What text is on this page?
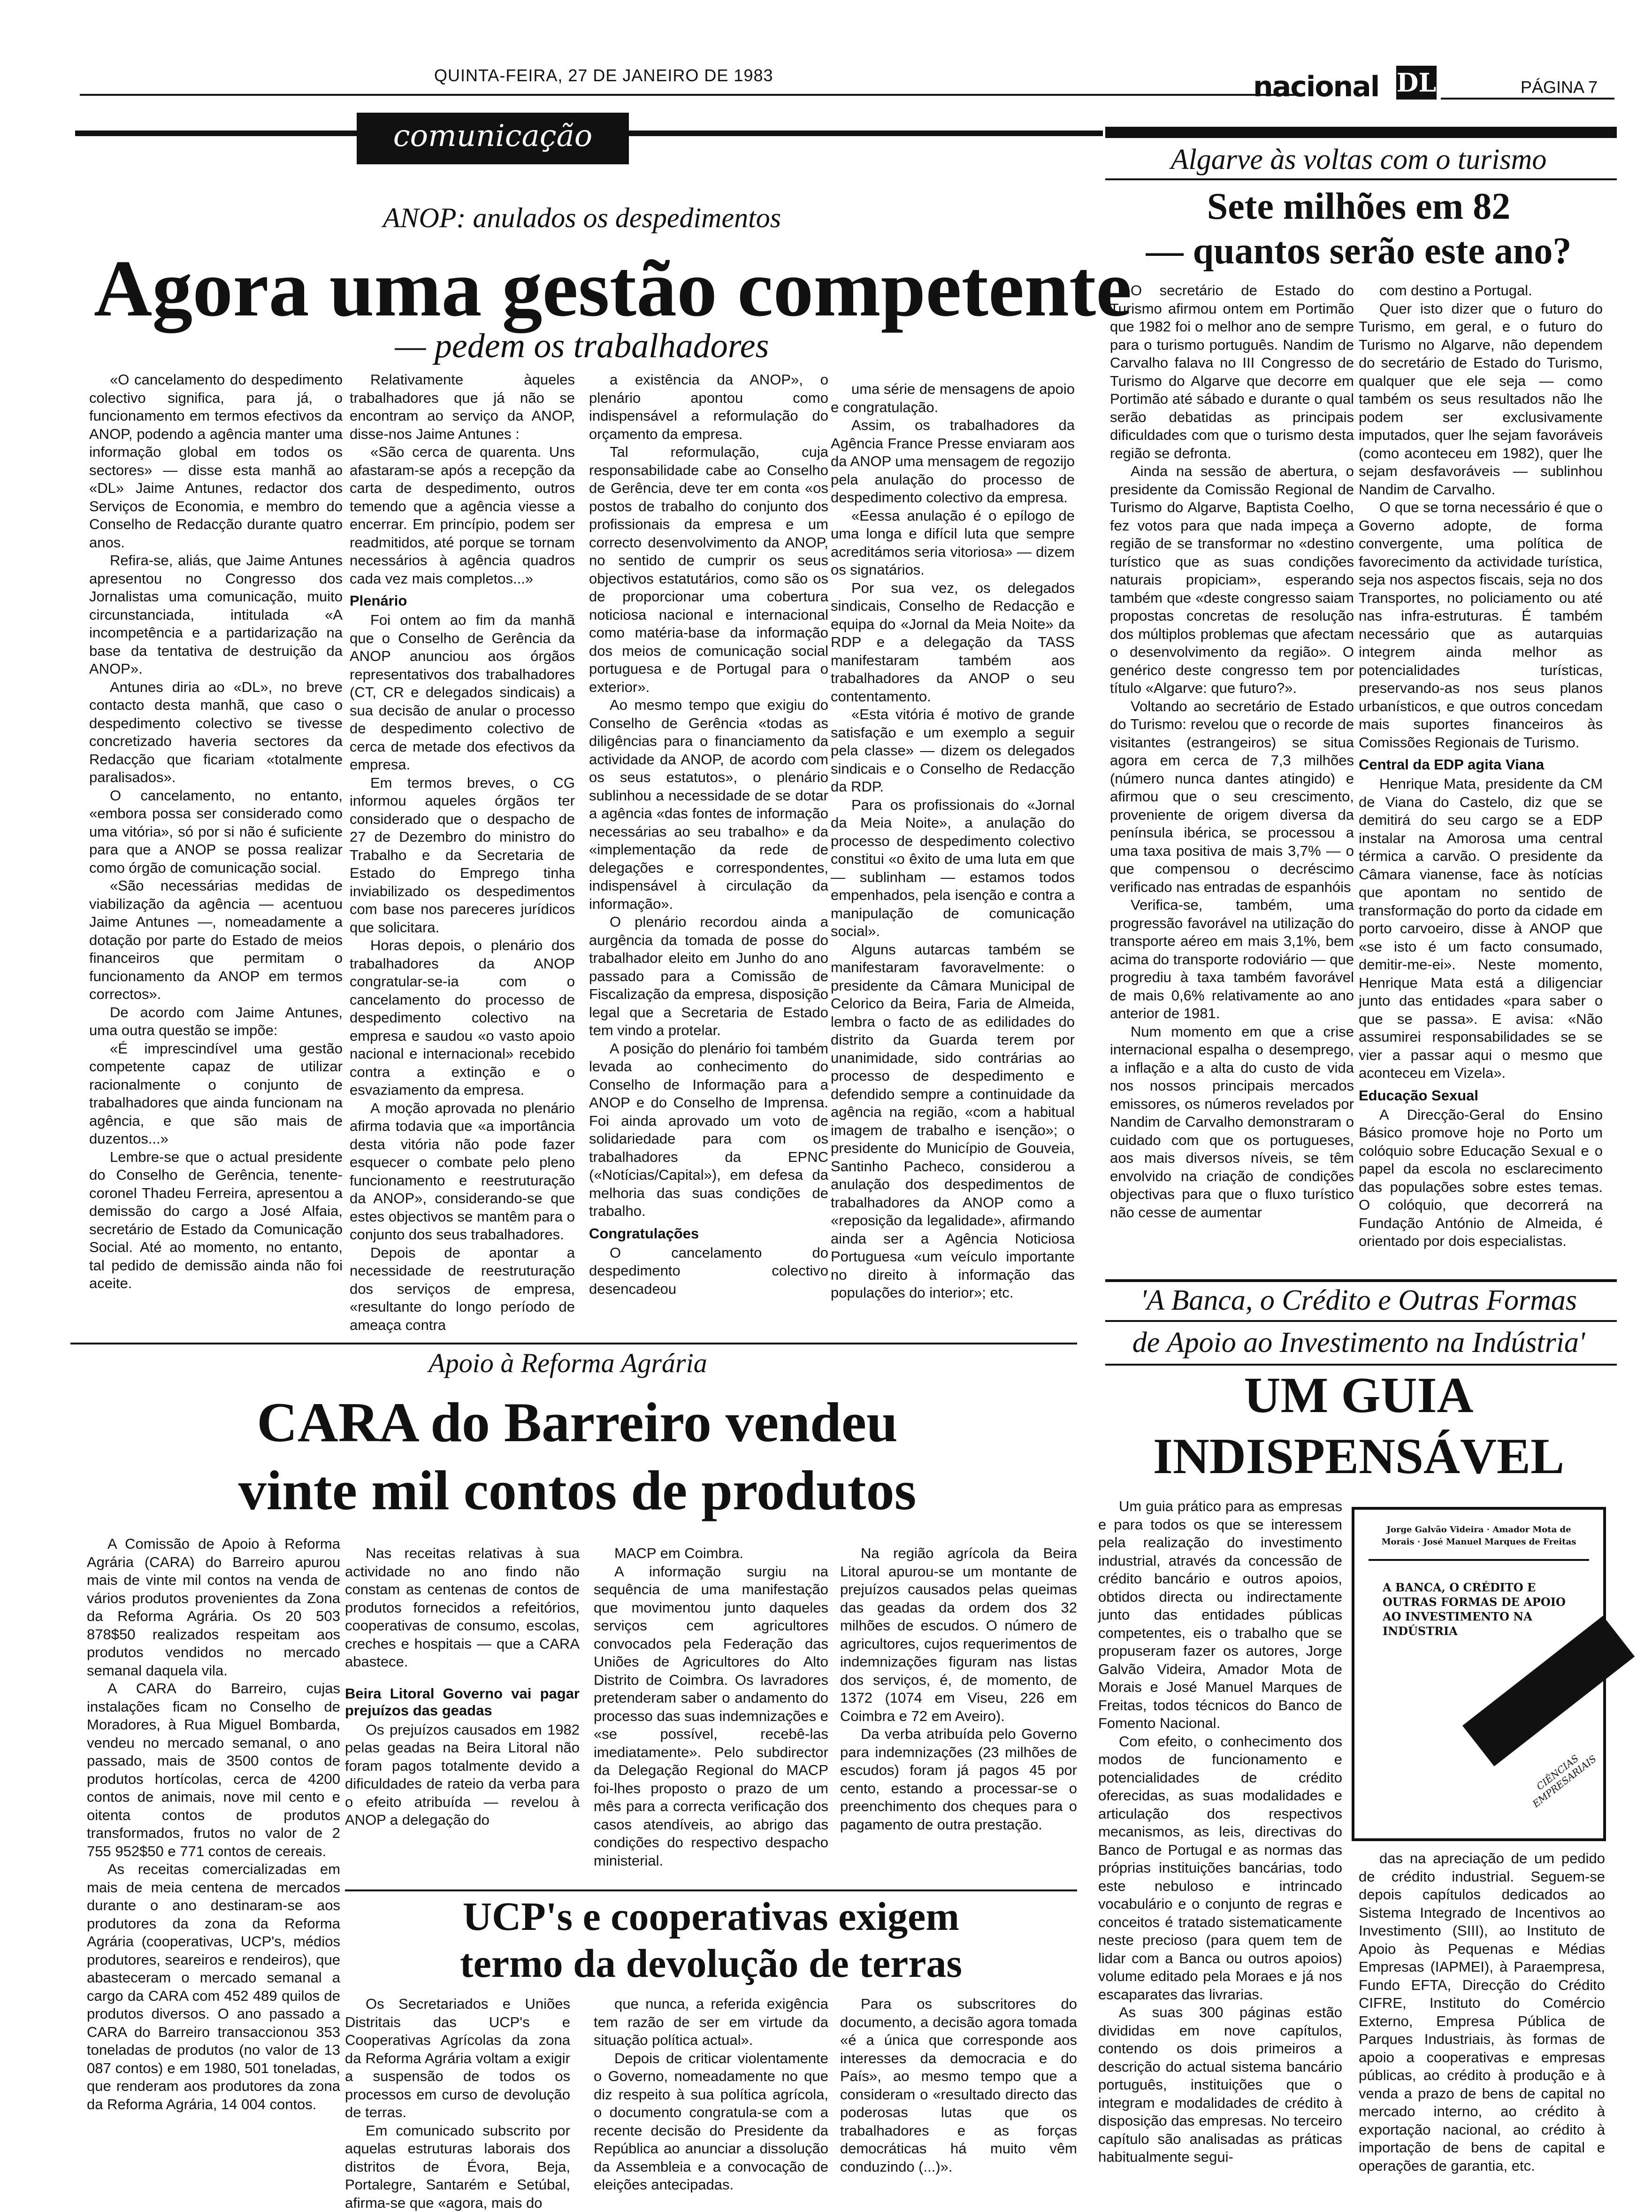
QUINTA-FEIRA, 27 DE JANEIRO DE 1983	nacional DL	PÁGINA 7
comunicação social
ANOP: anulados os despedimentos
Agora uma gestão competente
— pedem os trabalhadores

«O cancelamento do despedimento colectivo significa, para já, o funcionamento em termos efectivos da ANOP, podendo a agência manter uma informação global em todos os sectores» — disse esta manhã ao «DL» Jaime Antunes, redactor dos Serviços de Economia, e membro do Conselho de Redacção durante quatro anos.

Refira-se, aliás, que Jaime Antunes apresentou no Congresso dos Jornalistas uma comunicação, muito circunstanciada, intitulada «A incompetência e a partidarização na base da tentativa de destruição da ANOP».

Antunes diria ao «DL», no breve contacto desta manhã, que caso o despedimento colectivo se tivesse concretizado haveria sectores da Redacção que ficariam «totalmente paralisados».

O cancelamento, no entanto, «embora possa ser considerado como uma vitória», só por si não é suficiente para que a ANOP se possa realizar como órgão de comunicação social.

«São necessárias medidas de viabilização da agência — acentuou Jaime Antunes —, nomeadamente a dotação por parte do Estado de meios financeiros que permitam o funcionamento da ANOP em termos correctos».

De acordo com Jaime Antunes, uma outra questão se impõe:

«É imprescindível uma gestão competente capaz de utilizar racionalmente o conjunto de trabalhadores que ainda funcionam na agência, e que são mais de duzentos...»

Lembre-se que o actual presidente do Conselho de Gerência, tenente-coronel Thadeu Ferreira, apresentou a demissão do cargo a José Alfaia, secretário de Estado da Comunicação Social. Até ao momento, no entanto, tal pedido de demissão ainda não foi aceite.

Relativamente àqueles trabalhadores que já não se encontram ao serviço da ANOP, disse-nos Jaime Antunes :

«São cerca de quarenta. Uns afastaram-se após a recepção da carta de despedimento, outros temendo que a agência viesse a encerrar. Em princípio, podem ser readmitidos, até porque se tornam necessários à agência quadros cada vez mais completos...»

Plenário

Foi ontem ao fim da manhã que o Conselho de Gerência da ANOP anunciou aos órgãos representativos dos trabalhadores (CT, CR e delegados sindicais) a sua decisão de anular o processo de despedimento colectivo de cerca de metade dos efectivos da empresa.

Em termos breves, o CG informou aqueles órgãos ter considerado que o despacho de 27 de Dezembro do ministro do Trabalho e da Secretaria de Estado do Emprego tinha inviabilizado os despedimentos com base nos pareceres jurídicos que solicitara.

Horas depois, o plenário dos trabalhadores da ANOP congratular-se-ia com o cancelamento do processo de despedimento colectivo na empresa e saudou «o vasto apoio nacional e internacional» recebido contra a extinção e o esvaziamento da empresa.

A moção aprovada no plenário afirma todavia que «a importância desta vitória não pode fazer esquecer o combate pelo pleno funcionamento e reestruturação da ANOP», considerando-se que estes objectivos se mantêm para o conjunto dos seus trabalhadores.

Depois de apontar a necessidade de reestruturação dos serviços de empresa, «resultante do longo período de ameaça contra

a existência da ANOP», o plenário apontou como indispensável a reformulação do orçamento da empresa.

Tal reformulação, cuja responsabilidade cabe ao Conselho de Gerência, deve ter em conta «os postos de trabalho do conjunto dos profissionais da empresa e um correcto desenvolvimento da ANOP, no sentido de cumprir os seus objectivos estatutários, como são os de proporcionar uma cobertura noticiosa nacional e internacional como matéria-base da informação dos meios de comunicação social portuguesa e de Portugal para o exterior».

Ao mesmo tempo que exigiu do Conselho de Gerência «todas as diligências para o financiamento da actividade da ANOP, de acordo com os seus estatutos», o plenário sublinhou a necessidade de se dotar a agência «das fontes de informação necessárias ao seu trabalho» e da «implementação da rede de delegações e correspondentes, indispensável à circulação da informação».

O plenário recordou ainda a aurgência da tomada de posse do trabalhador eleito em Junho do ano passado para a Comissão de Fiscalização da empresa, disposição legal que a Secretaria de Estado tem vindo a protelar.

A posição do plenário foi também levada ao conhecimento do Conselho de Informação para a ANOP e do Conselho de Imprensa. Foi ainda aprovado um voto de solidariedade para com os trabalhadores da EPNC («Notícias/Capital»), em defesa da melhoria das suas condições de trabalho.

Congratulações

O cancelamento do despedimento colectivo desencadeou

uma série de mensagens de apoio e congratulação.

Assim, os trabalhadores da Agência France Presse enviaram aos da ANOP uma mensagem de regozijo pela anulação do processo de despedimento colectivo da empresa.

«Eessa anulação é o epílogo de uma longa e difícil luta que sempre acreditámos seria vitoriosa» — dizem os signatários.

Por sua vez, os delegados sindicais, Conselho de Redacção e equipa do «Jornal da Meia Noite» da RDP e a delegação da TASS manifestaram também aos trabalhadores da ANOP o seu contentamento.

«Esta vitória é motivo de grande satisfação e um exemplo a seguir pela classe» — dizem os delegados sindicais e o Conselho de Redacção da RDP.

Para os profissionais do «Jornal da Meia Noite», a anulação do processo de despedimento colectivo constitui «o êxito de uma luta em que — sublinham — estamos todos empenhados, pela isenção e contra a manipulação de comunicação social».

Alguns autarcas também se manifestaram favoravelmente: o presidente da Câmara Municipal de Celorico da Beira, Faria de Almeida, lembra o facto de as edilidades do distrito da Guarda terem por unanimidade, sido contrárias ao processo de despedimento e defendido sempre a continuidade da agência na região, «com a habitual imagem de trabalho e isenção»; o presidente do Município de Gouveia, Santinho Pacheco, considerou a anulação dos despedimentos de trabalhadores da ANOP como a «reposição da legalidade», afirmando ainda ser a Agência Noticiosa Portuguesa «um veículo importante no direito à informação das populações do interior»; etc.

Algarve às voltas com o turismo
Sete milhões em 82
— quantos serão este ano?

O secretário de Estado do Turismo afirmou ontem em Portimão que 1982 foi o melhor ano de sempre para o turismo português. Nandim de Carvalho falava no III Congresso de Turismo do Algarve que decorre em Portimão até sábado e durante o qual serão debatidas as principais dificuldades com que o turismo desta região se defronta.

Ainda na sessão de abertura, o presidente da Comissão Regional de Turismo do Algarve, Baptista Coelho, fez votos para que nada impeça a região de se transformar no «destino turístico que as suas condições naturais propiciam», esperando também que «deste congresso saiam propostas concretas de resolução dos múltiplos problemas que afectam o desenvolvimento da região». O genérico deste congresso tem por título «Algarve: que futuro?».

Voltando ao secretário de Estado do Turismo: revelou que o recorde de visitantes (estrangeiros) se situa agora em cerca de 7,3 milhões (número nunca dantes atingido) e afirmou que o seu crescimento, proveniente de origem diversa da península ibérica, se processou a uma taxa positiva de mais 3,7% — o que compensou o decréscimo verificado nas entradas de espanhóis

Verifica-se, também, uma progressão favorável na utilização do transporte aéreo em mais 3,1%, bem acima do transporte rodoviário — que progrediu à taxa também favorável de mais 0,6% relativamente ao ano anterior de 1981.

Num momento em que a crise internacional espalha o desemprego, a inflação e a alta do custo de vida nos nossos principais mercados emissores, os números revelados por Nandim de Carvalho demonstraram o cuidado com que os portugueses, aos mais diversos níveis, se têm envolvido na criação de condições objectivas para que o fluxo turístico não cesse de aumentar

com destino a Portugal.

Quer isto dizer que o futuro do Turismo, em geral, e o futuro do Turismo no Algarve, não dependem do secretário de Estado do Turismo, qualquer que ele seja — como também os seus resultados não lhe podem ser exclusivamente imputados, quer lhe sejam favoráveis (como aconteceu em 1982), quer lhe sejam desfavoráveis — sublinhou Nandim de Carvalho.

O que se torna necessário é que o Governo adopte, de forma convergente, uma política de favorecimento da actividade turística, seja nos aspectos fiscais, seja no dos Transportes, no policiamento ou até nas infra-estruturas. É também necessário que as autarquias integrem ainda melhor as potencialidades turísticas, preservando-as nos seus planos urbanísticos, e que outros concedam mais suportes financeiros às Comissões Regionais de Turismo.

Central da EDP agita Viana

Henrique Mata, presidente da CM de Viana do Castelo, diz que se demitirá do seu cargo se a EDP instalar na Amorosa uma central térmica a carvão. O presidente da Câmara vianense, face às notícias que apontam no sentido de transformação do porto da cidade em porto carvoeiro, disse à ANOP que «se isto é um facto consumado, demitir-me-ei». Neste momento, Henrique Mata está a diligenciar junto das entidades «para saber o que se passa». E avisa: «Não assumirei responsabilidades se se vier a passar aqui o mesmo que aconteceu em Vizela».

Educação Sexual

A Direcção-Geral do Ensino Básico promove hoje no Porto um colóquio sobre Educação Sexual e o papel da escola no esclarecimento das populações sobre estes temas. O colóquio, que decorrerá na Fundação António de Almeida, é orientado por dois especialistas.

'A Banca, o Crédito e Outras Formas
de Apoio ao Investimento na Indústria'
UM GUIA
INDISPENSÁVEL

Um guia prático para as empresas e para todos os que se interessem pela realização do investimento industrial, através da concessão de crédito bancário e outros apoios, obtidos directa ou indirectamente junto das entidades públicas competentes, eis o trabalho que se propuseram fazer os autores, Jorge Galvão Videira, Amador Mota de Morais e José Manuel Marques de Freitas, todos técnicos do Banco de Fomento Nacional.

Com efeito, o conhecimento dos modos de funcionamento e potencialidades de crédito oferecidas, as suas modalidades e articulação dos respectivos mecanismos, as leis, directivas do Banco de Portugal e as normas das próprias instituições bancárias, todo este nebuloso e intrincado vocabulário e o conjunto de regras e conceitos é tratado sistematicamente neste precioso (para quem tem de lidar com a Banca ou outros apoios) volume editado pela Moraes e já nos escaparates das livrarias.

As suas 300 páginas estão divididas em nove capítulos, contendo os dois primeiros a descrição do actual sistema bancário português, instituições que o integram e modalidades de crédito à disposição das empresas. No terceiro capítulo são analisadas as práticas habitualmente segui-

Jorge Galvão Videira · Amador Mota de Morais · José Manuel Marques de Freitas
A BANCA, O CRÉDITO E OUTRAS FORMAS DE APOIO AO INVESTIMENTO NA INDÚSTRIA
CIÊNCIAS EMPRESARIAIS

das na apreciação de um pedido de crédito industrial. Seguem-se depois capítulos dedicados ao Sistema Integrado de Incentivos ao Investimento (SIII), ao Instituto de Apoio às Pequenas e Médias Empresas (IAPMEI), à Paraempresa, Fundo EFTA, Direcção do Crédito CIFRE, Instituto do Comércio Externo, Empresa Pública de Parques Industriais, às formas de apoio a cooperativas e empresas públicas, ao crédito à produção e à venda a prazo de bens de capital no mercado interno, ao crédito à exportação nacional, ao crédito à importação de bens de capital e operações de garantia, etc.

Apoio à Reforma Agrária
CARA do Barreiro vendeu
vinte mil contos de produtos

A Comissão de Apoio à Reforma Agrária (CARA) do Barreiro apurou mais de vinte mil contos na venda de vários produtos provenientes da Zona da Reforma Agrária. Os 20 503 878$50 realizados respeitam aos produtos vendidos no mercado semanal daquela vila.

A CARA do Barreiro, cujas instalações ficam no Conselho de Moradores, à Rua Miguel Bombarda, vendeu no mercado semanal, o ano passado, mais de 3500 contos de produtos hortícolas, cerca de 4200 contos de animais, nove mil cento e oitenta contos de produtos transformados, frutos no valor de 2 755 952$50 e 771 contos de cereais.

As receitas comercializadas em mais de meia centena de mercados durante o ano destinaram-se aos produtores da zona da Reforma Agrária (cooperativas, UCP's, médios produtores, seareiros e rendeiros), que abasteceram o mercado semanal a cargo da CARA com 452 489 quilos de produtos diversos. O ano passado a CARA do Barreiro transaccionou 353 toneladas de produtos (no valor de 13 087 contos) e em 1980, 501 toneladas, que renderam aos produtores da zona da Reforma Agrária, 14 004 contos.

Nas receitas relativas à sua actividade no ano findo não constam as centenas de contos de produtos fornecidos a refeitórios, cooperativas de consumo, escolas, creches e hospitais — que a CARA abastece.

Beira Litoral Governo vai pagar prejuízos das geadas

Os prejuízos causados em 1982 pelas geadas na Beira Litoral não foram pagos totalmente devido a dificuldades de rateio da verba para o efeito atribuída — revelou à ANOP a delegação do

MACP em Coimbra.

A informação surgiu na sequência de uma manifestação que movimentou junto daqueles serviços cem agricultores convocados pela Federação das Uniões de Agricultores do Alto Distrito de Coimbra. Os lavradores pretenderam saber o andamento do processo das suas indemnizações e «se possível, recebê-las imediatamente». Pelo subdirector da Delegação Regional do MACP foi-lhes proposto o prazo de um mês para a correcta verificação dos casos atendíveis, ao abrigo das condições do respectivo despacho ministerial.

Na região agrícola da Beira Litoral apurou-se um montante de prejuízos causados pelas queimas das geadas da ordem dos 32 milhões de escudos. O número de agricultores, cujos requerimentos de indemnizações figuram nas listas dos serviços, é, de momento, de 1372 (1074 em Viseu, 226 em Coimbra e 72 em Aveiro).

Da verba atribuída pelo Governo para indemnizações (23 milhões de escudos) foram já pagos 45 por cento, estando a processar-se o preenchimento dos cheques para o pagamento de outra prestação.

UCP's e cooperativas exigem
termo da devolução de terras

Os Secretariados e Uniões Distritais das UCP's e Cooperativas Agrícolas da zona da Reforma Agrária voltam a exigir a suspensão de todos os processos em curso de devolução de terras.

Em comunicado subscrito por aquelas estruturas laborais dos distritos de Évora, Beja, Portalegre, Santarém e Setúbal, afirma-se que «agora, mais do

que nunca, a referida exigência tem razão de ser em virtude da situação política actual».

Depois de criticar violentamente o Governo, nomeadamente no que diz respeito à sua política agrícola, o documento congratula-se com a recente decisão do Presidente da República ao anunciar a dissolução da Assembleia e a convocação de eleições antecipadas.

Para os subscritores do documento, a decisão agora tomada «é a única que corresponde aos interesses da democracia e do País», ao mesmo tempo que a consideram o «resultado directo das poderosas lutas que os trabalhadores e as forças democráticas há muito vêm conduzindo (...)».
